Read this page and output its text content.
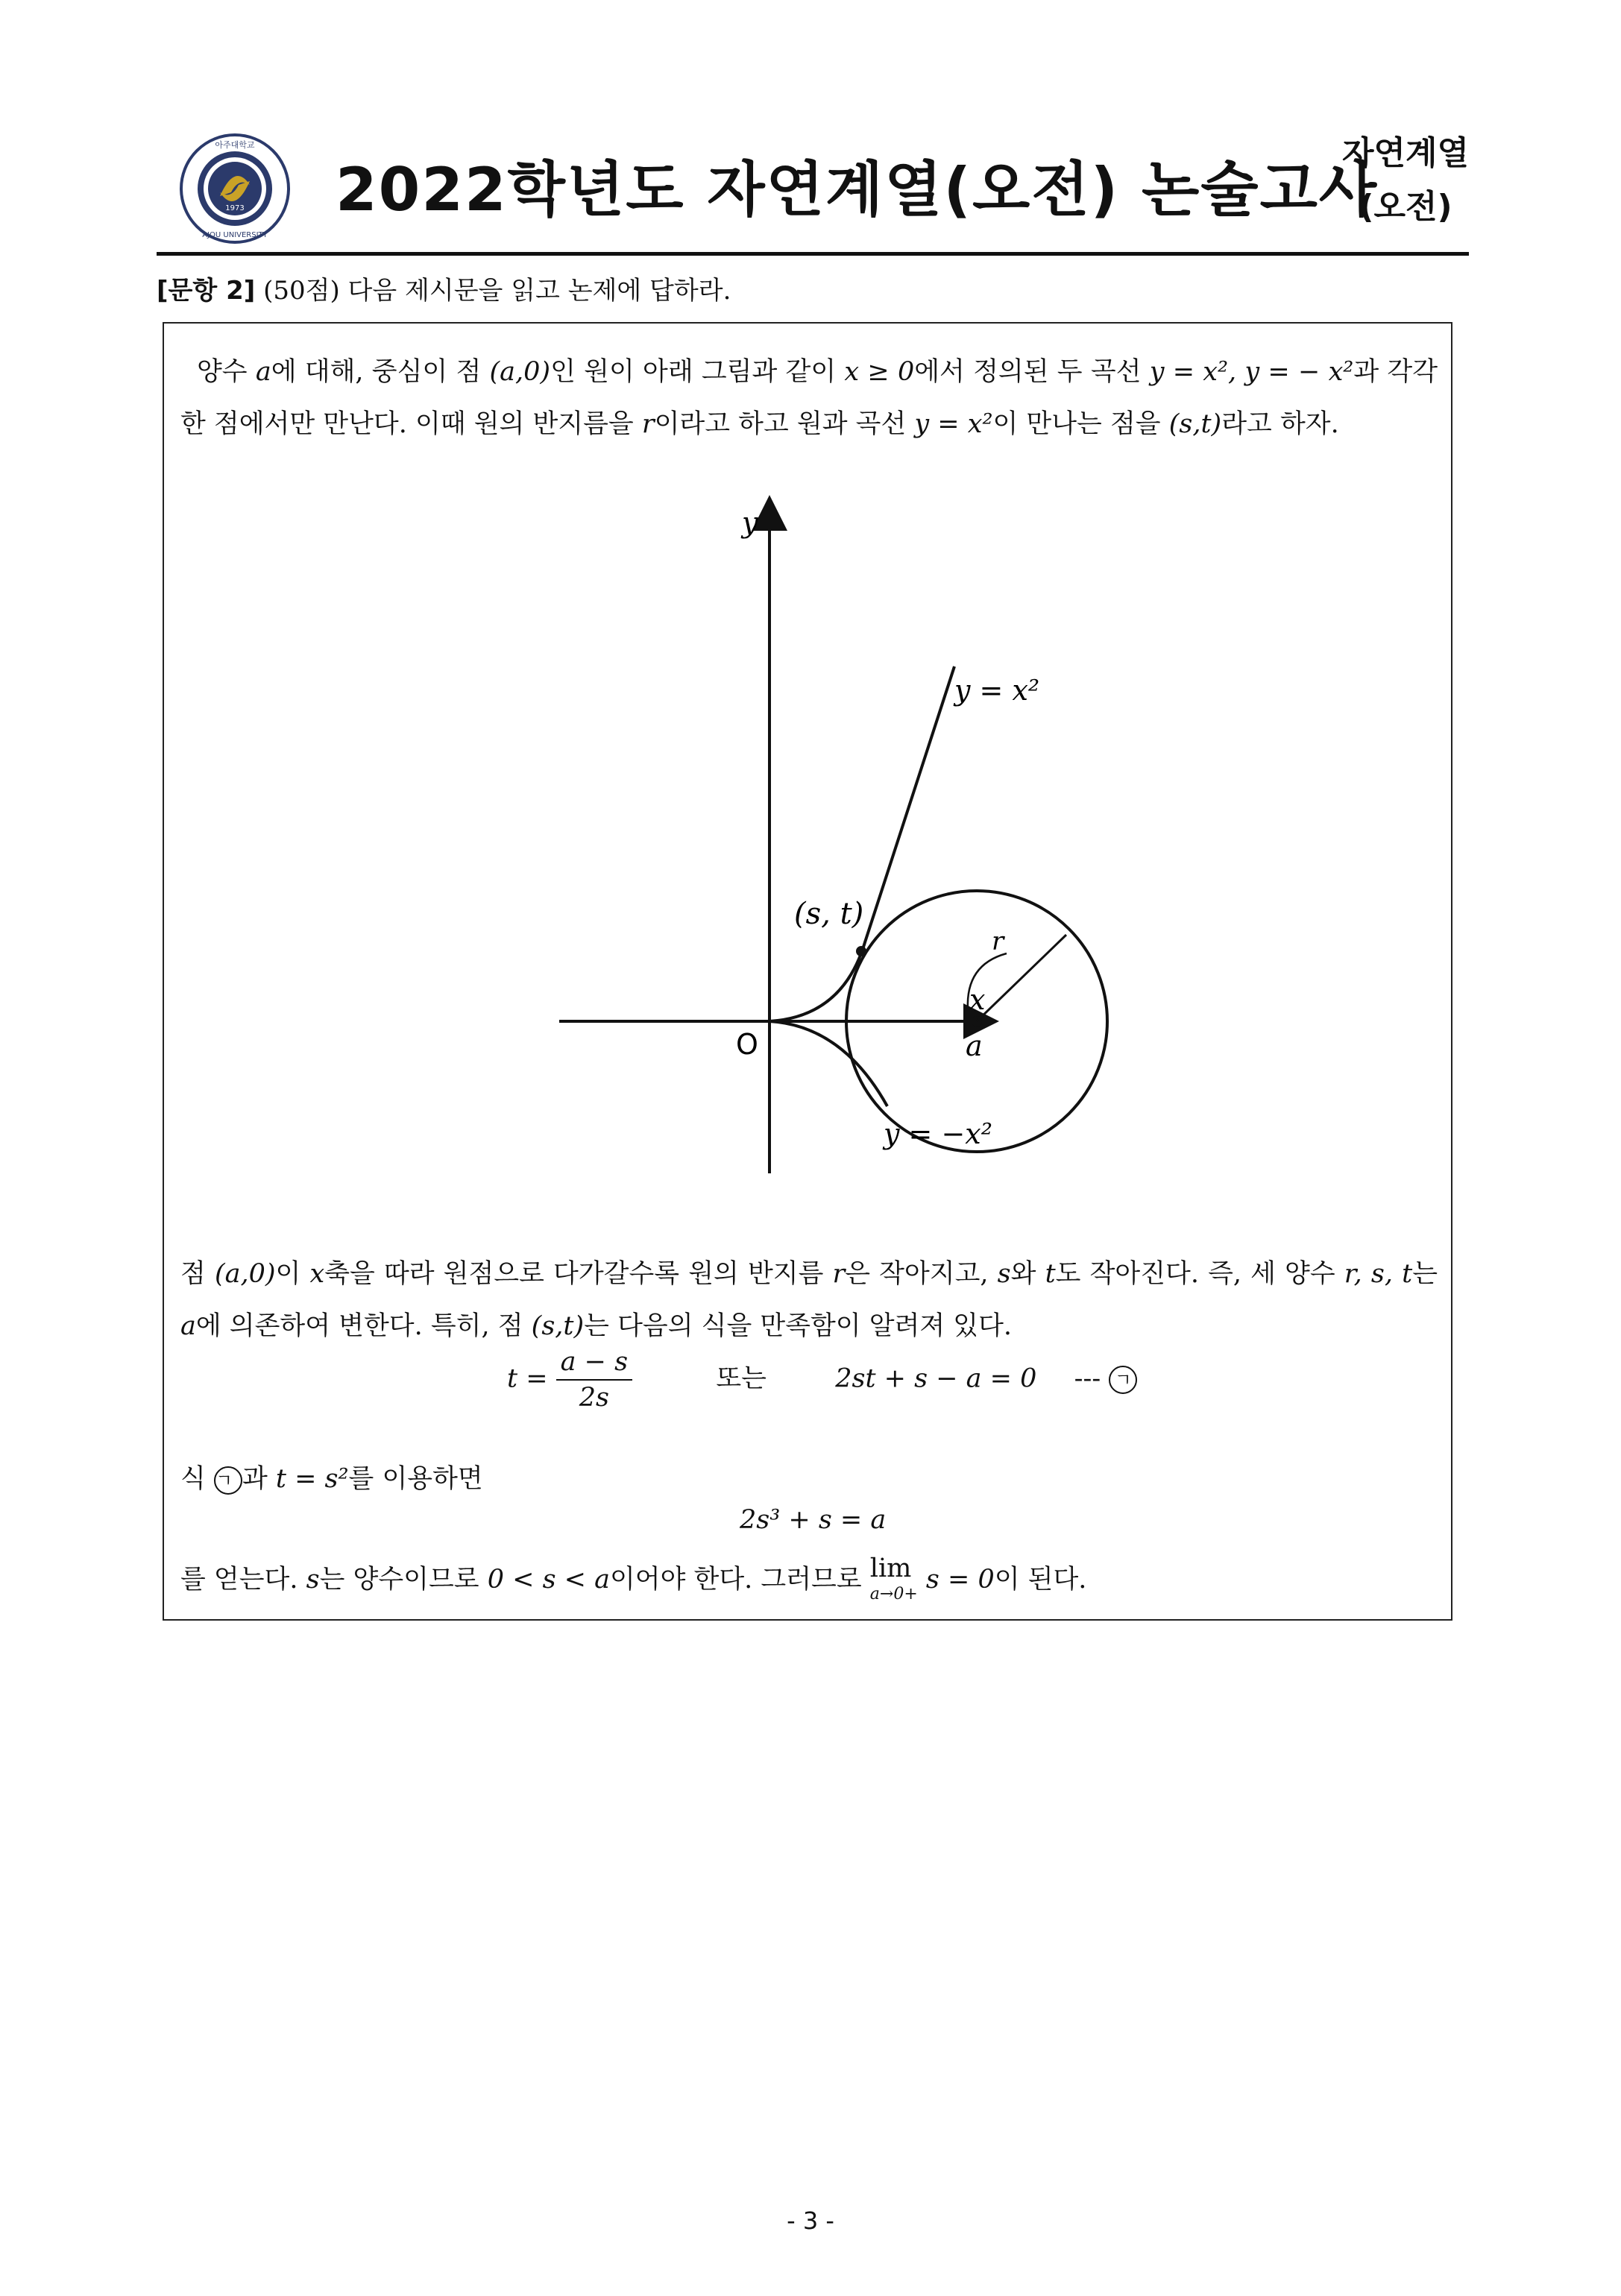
1973
아주대학교
AJOU UNIVERSITY
2022학년도 자연계열(오전) 논술고사
자연계열
(오전)
[문항 2] (50점) 다음 제시문을 읽고 논제에 답하라.
양수 a에 대해, 중심이 점 (a,0)인 원이 아래 그림과 같이 x ≥ 0에서 정의된 두 곡선 y = x², y = − x²과 각각 한 점에서만 만난다. 이때 원의 반지름을 r이라고 하고 원과 곡선 y = x²이 만나는 점을 (s,t)라고 하자.
y
x
O	a
r
(s, t)
y = x²
y = −x²
점 (a,0)이 x축을 따라 원점으로 다가갈수록 원의 반지름 r은 작아지고, s와 t도 작아진다. 즉, 세 양수 r, s, t는 a에 의존하여 변한다. 특히, 점 (s,t)는 다음의 식을 만족함이 알려져 있다.
$t = \frac{a - s}{2s}$	또는	2st + s − a = 0 --- ㄱ
식 ㄱ 과 t = s²를 이용하면
2s³ + s = a
를 얻는다. s는 양수이므로 0 < s < a이어야 한다. 그러므로 lim
a→0+ s = 0이 된다.
- 3 -
